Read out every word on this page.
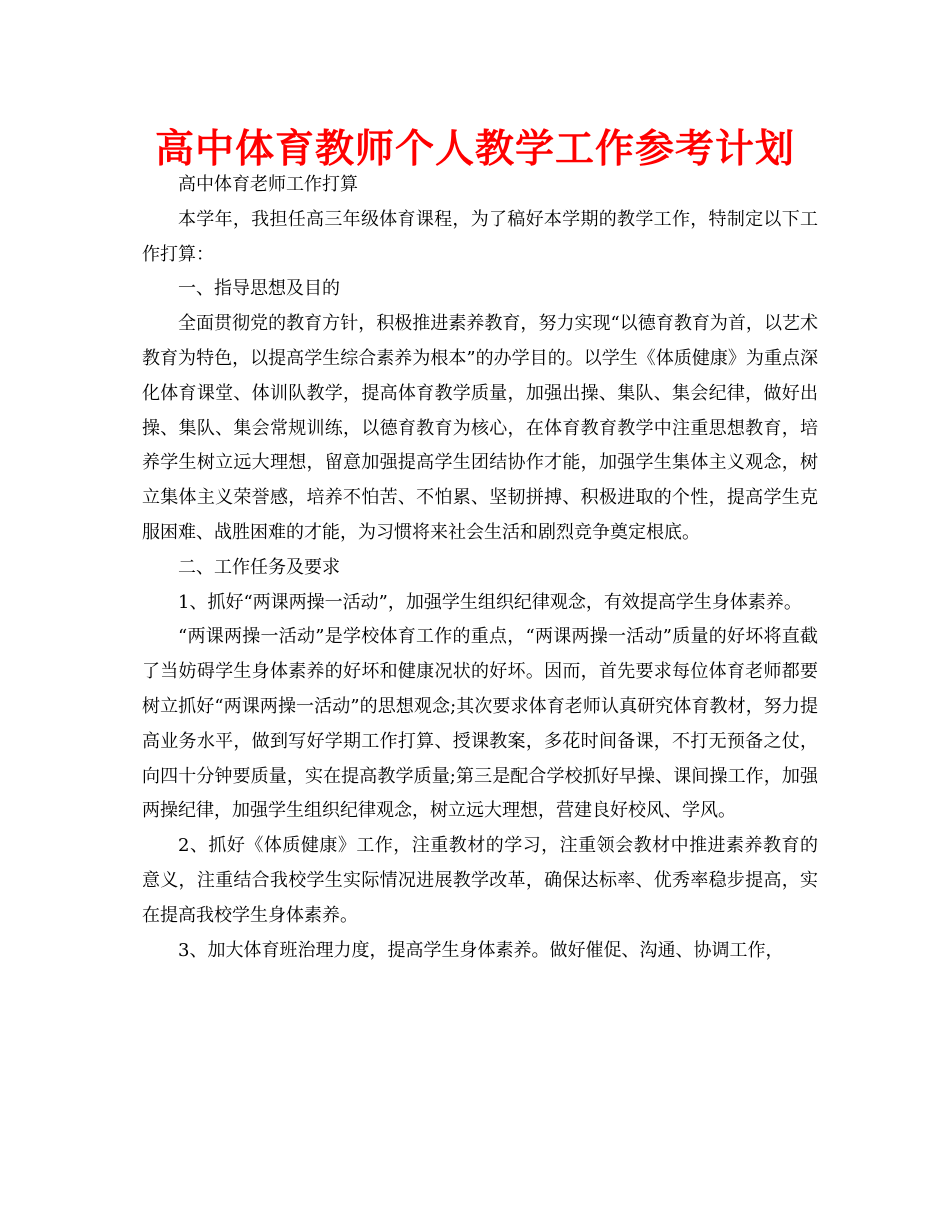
高中体育教师个人教学工作参考计划

高中体育老师工作打算

本学年，我担任高三年级体育课程，为了稿好本学期的教学工作，特制定以下工作打算：

一、指导思想及目的

全面贯彻党的教育方针，积极推进素养教育，努力实现“以德育教育为首，以艺术教育为特色，以提高学生综合素养为根本”的办学目的。以学生《体质健康》为重点深化体育课堂、体训队教学，提高体育教学质量，加强出操、集队、集会纪律，做好出操、集队、集会常规训练，以德育教育为核心，在体育教育教学中注重思想教育，培养学生树立远大理想，留意加强提高学生团结协作才能，加强学生集体主义观念，树立集体主义荣誉感，培养不怕苦、不怕累、坚韧拼搏、积极进取的个性，提高学生克服困难、战胜困难的才能，为习惯将来社会生活和剧烈竞争奠定根底。

二、工作任务及要求

1、抓好“两课两操一活动”，加强学生组织纪律观念，有效提高学生身体素养。

“两课两操一活动”是学校体育工作的重点，“两课两操一活动”质量的好坏将直截了当妨碍学生身体素养的好坏和健康况状的好坏。因而，首先要求每位体育老师都要树立抓好“两课两操一活动”的思想观念;其次要求体育老师认真研究体育教材，努力提高业务水平，做到写好学期工作打算、授课教案，多花时间备课，不打无预备之仗，向四十分钟要质量，实在提高教学质量;第三是配合学校抓好早操、课间操工作，加强两操纪律，加强学生组织纪律观念，树立远大理想，营建良好校风、学风。

2、抓好《体质健康》工作，注重教材的学习，注重领会教材中推进素养教育的意义，注重结合我校学生实际情况进展教学改革，确保达标率、优秀率稳步提高，实在提高我校学生身体素养。

3、加大体育班治理力度，提高学生身体素养。做好催促、沟通、协调工作，
